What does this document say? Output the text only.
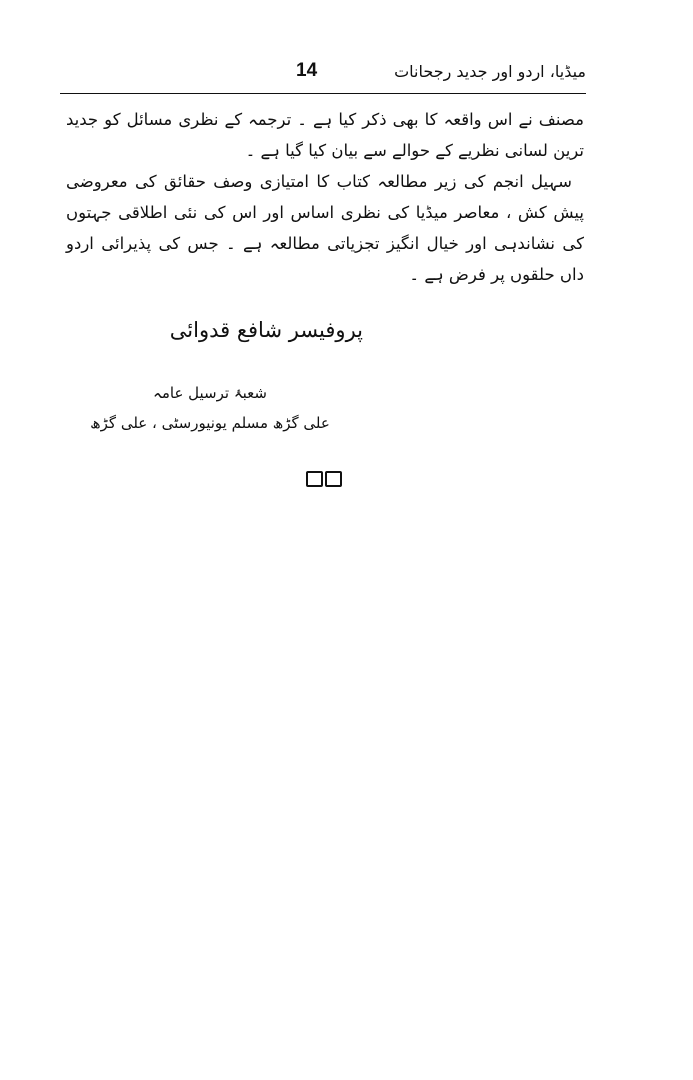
میڈیا، اردو اور جدید رجحانات
14

مصنف نے اس واقعہ کا بھی ذکر کیا ہے ۔ ترجمہ کے نظری مسائل کو جدید ترین لسانی نظریے کے حوالے سے بیان کیا گیا ہے ۔

سہیل انجم کی زیر مطالعہ کتاب کا امتیازی وصف حقائق کی معروضی پیش کش ، معاصر میڈیا کی نظری اساس اور اس کی نئی اطلاقی جہتوں کی نشاندہی اور خیال انگیز تجزیاتی مطالعہ ہے ۔ جس کی پذیرائی اردو داں حلقوں پر فرض ہے ۔

پروفیسر شافع قدوائی
شعبۂ ترسیل عامہ
علی گڑھ مسلم یونیورسٹی ، علی گڑھ
